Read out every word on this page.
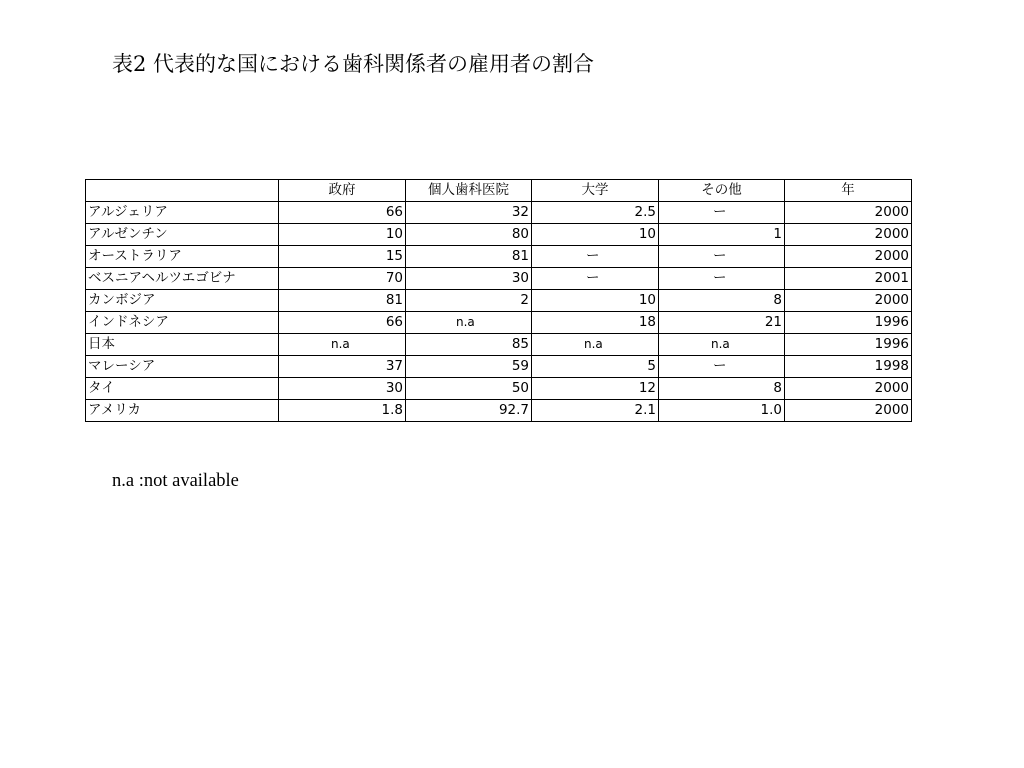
表2 代表的な国における歯科関係者の雇用者の割合
	政府	個人歯科医院	大学	その他	年
アルジェリア	66	32	2.5	ー	2000
アルゼンチン	10	80	10	1	2000
オーストラリア	15	81	ー	ー	2000
ベスニアヘルツエゴビナ	70	30	ー	ー	2001
カンボジア	81	2	10	8	2000
インドネシア	66	n.a	18	21	1996
日本	n.a	85	n.a	n.a	1996
マレーシア	37	59	5	ー	1998
タイ	30	50	12	8	2000
アメリカ	1.8	92.7	2.1	1.0	2000
n.a :not available
